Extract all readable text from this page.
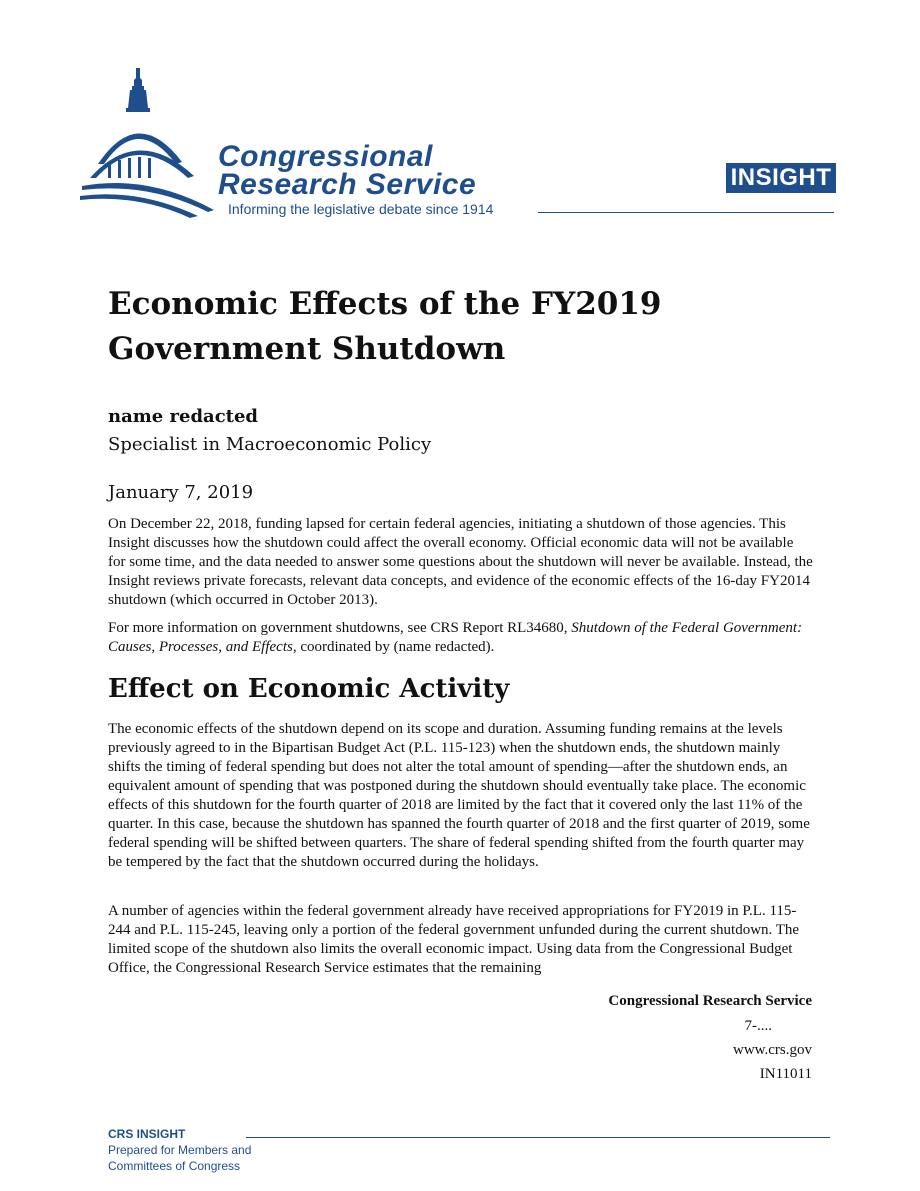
Congressional
Research Service
Informing the legislative debate since 1914
INSIGHT
Economic Effects of the FY2019 Government Shutdown
name redacted
Specialist in Macroeconomic Policy
January 7, 2019

On December 22, 2018, funding lapsed for certain federal agencies, initiating a shutdown of those agencies. This Insight discusses how the shutdown could affect the overall economy. Official economic data will not be available for some time, and the data needed to answer some questions about the shutdown will never be available. Instead, the Insight reviews private forecasts, relevant data concepts, and evidence of the economic effects of the 16-day FY2014 shutdown (which occurred in October 2013).

For more information on government shutdowns, see CRS Report RL34680, Shutdown of the Federal Government: Causes, Processes, and Effects, coordinated by (name redacted).

Effect on Economic Activity

The economic effects of the shutdown depend on its scope and duration. Assuming funding remains at the levels previously agreed to in the Bipartisan Budget Act (P.L. 115-123) when the shutdown ends, the shutdown mainly shifts the timing of federal spending but does not alter the total amount of spending—after the shutdown ends, an equivalent amount of spending that was postponed during the shutdown should eventually take place. The economic effects of this shutdown for the fourth quarter of 2018 are limited by the fact that it covered only the last 11% of the quarter. In this case, because the shutdown has spanned the fourth quarter of 2018 and the first quarter of 2019, some federal spending will be shifted between quarters. The share of federal spending shifted from the fourth quarter may be tempered by the fact that the shutdown occurred during the holidays.

A number of agencies within the federal government already have received appropriations for FY2019 in P.L. 115-244 and P.L. 115-245, leaving only a portion of the federal government unfunded during the current shutdown. The limited scope of the shutdown also limits the overall economic impact. Using data from the Congressional Budget Office, the Congressional Research Service estimates that the remaining

Congressional Research Service
7-....
www.crs.gov
IN11011
CRS INSIGHT
Prepared for Members and
Committees of Congress
